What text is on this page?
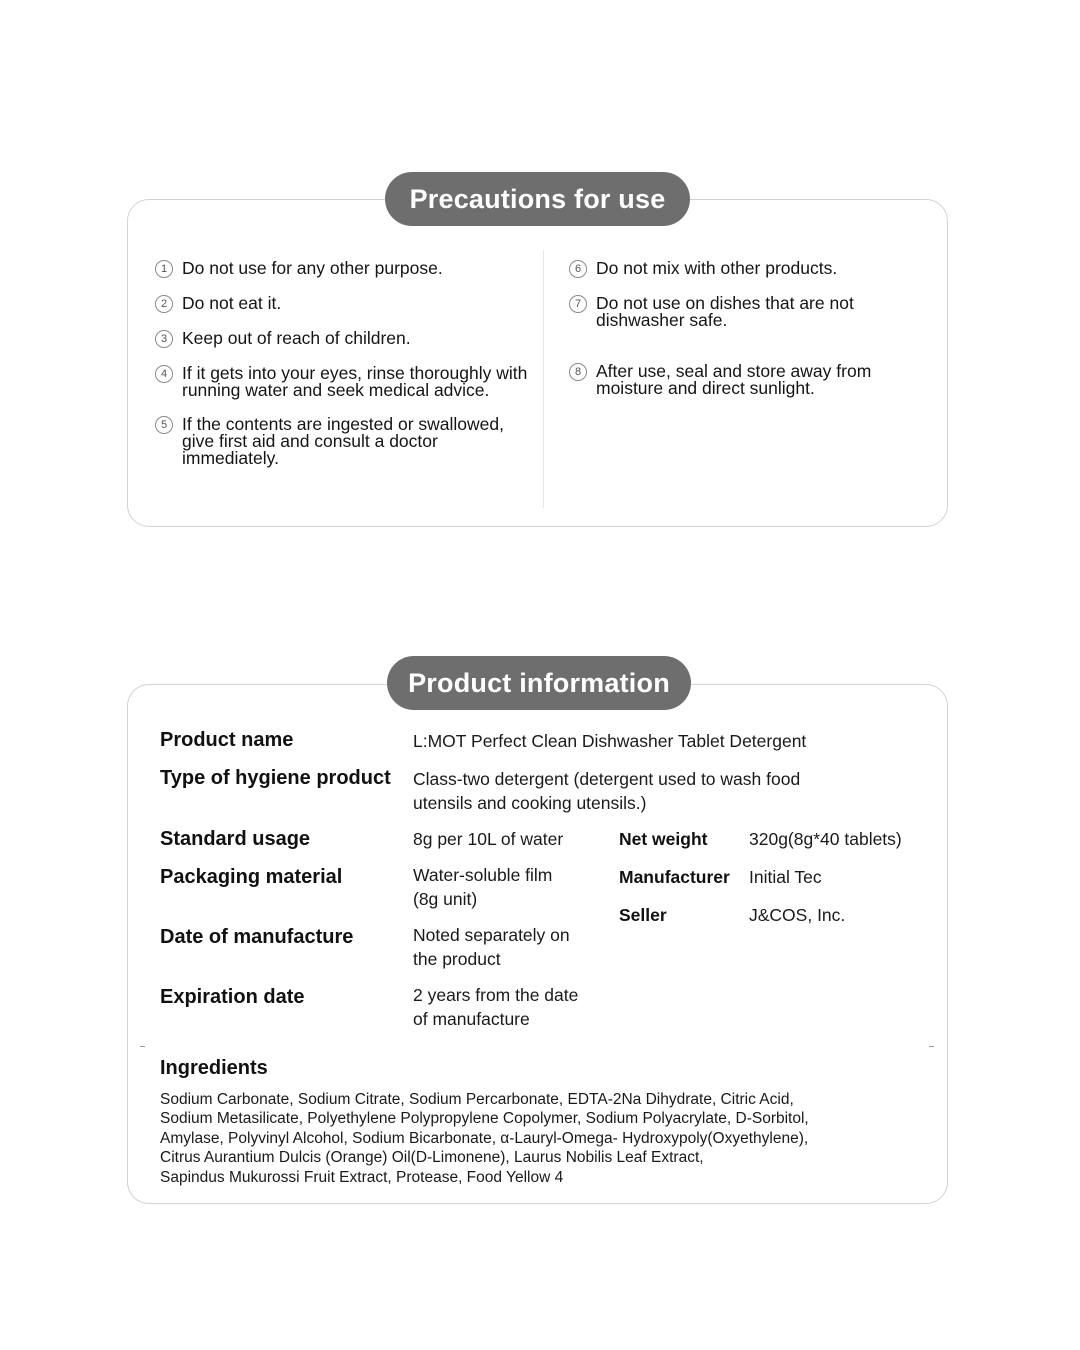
1 Do not use for any other purpose.
2 Do not eat it.
3 Keep out of reach of children.
4 If it gets into your eyes, rinse thoroughly with running water and seek medical advice.
5 If the contents are ingested or swallowed, give first aid and consult a doctor immediately.
6 Do not mix with other products.
7 Do not use on dishes that are not dishwasher safe.
8 After use, seal and store away from moisture and direct sunlight.
Precautions for use
Product name	L:MOT Perfect Clean Dishwasher Tablet Detergent
Type of hygiene product Class-two detergent (detergent used to wash food utensils and cooking utensils.)
Standard usage	8g per 10L of water
Packaging material	Water-soluble film
(8g unit)
Date of manufacture	Noted separately on
the product
Expiration date	2 years from the date
of manufacture
Net weight 320g(8g*40 tablets)
Manufacturer Initial Tec
Seller	J&COS, Inc.
Ingredients
Sodium Carbonate, Sodium Citrate, Sodium Percarbonate, EDTA-2Na Dihydrate, Citric Acid,
Sodium Metasilicate, Polyethylene Polypropylene Copolymer, Sodium Polyacrylate, D-Sorbitol,
Amylase, Polyvinyl Alcohol, Sodium Bicarbonate, α-Lauryl-Omega- Hydroxypoly(Oxyethylene),
Citrus Aurantium Dulcis (Orange) Oil(D-Limonene), Laurus Nobilis Leaf Extract,
Sapindus Mukurossi Fruit Extract, Protease, Food Yellow 4
Product information
